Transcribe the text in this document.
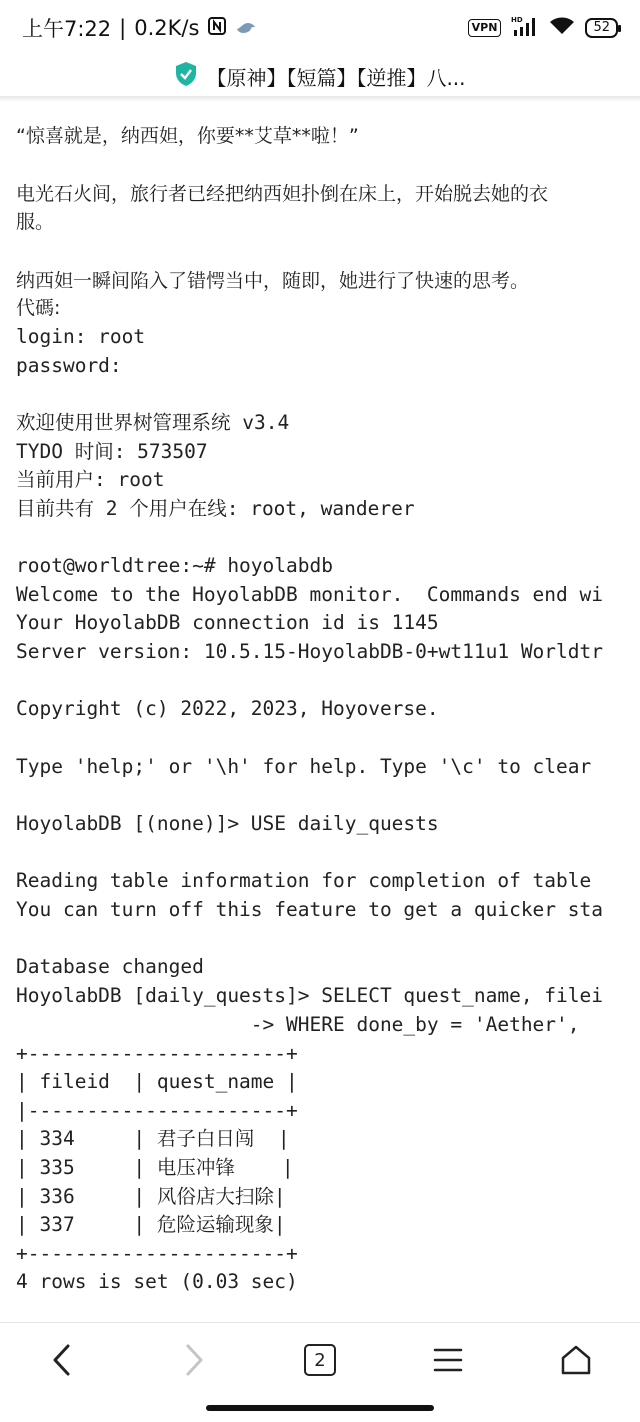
上午7:22 | 0.2K/s	VPN
HD
52
【原神】【短篇】【逆推】八...
“惊喜就是，纳西妲，你要**艾草**啦！”
电光石火间，旅行者已经把纳西妲扑倒在床上，开始脱去她的衣
服。
纳西妲一瞬间陷入了错愕当中，随即，她进行了快速的思考。
代碼:
login: root
password:
欢迎使用世界树管理系统 v3.4
TYDO 时间: 573507
当前用户: root
目前共有 2 个用户在线: root, wanderer
root@worldtree:~# hoyolabdb
Welcome to the HoyolabDB monitor.  Commands end wi
Your HoyolabDB connection id is 1145
Server version: 10.5.15-HoyolabDB-0+wt11u1 Worldtr
Copyright (c) 2022, 2023, Hoyoverse.
Type 'help;' or '\h' for help. Type '\c' to clear
HoyolabDB [(none)]> USE daily_quests
Reading table information for completion of table
You can turn off this feature to get a quicker sta
Database changed
HoyolabDB [daily_quests]> SELECT quest_name, filei
-> WHERE done_by = 'Aether',
+----------------------+
| fileid  | quest_name |
|----------------------+
| 334     | 君子白日闯  |
| 335     | 电压冲锋    |
| 336     | 风俗店大扫除|
| 337     | 危险运输现象|
+----------------------+
4 rows is set (0.03 sec)
2
